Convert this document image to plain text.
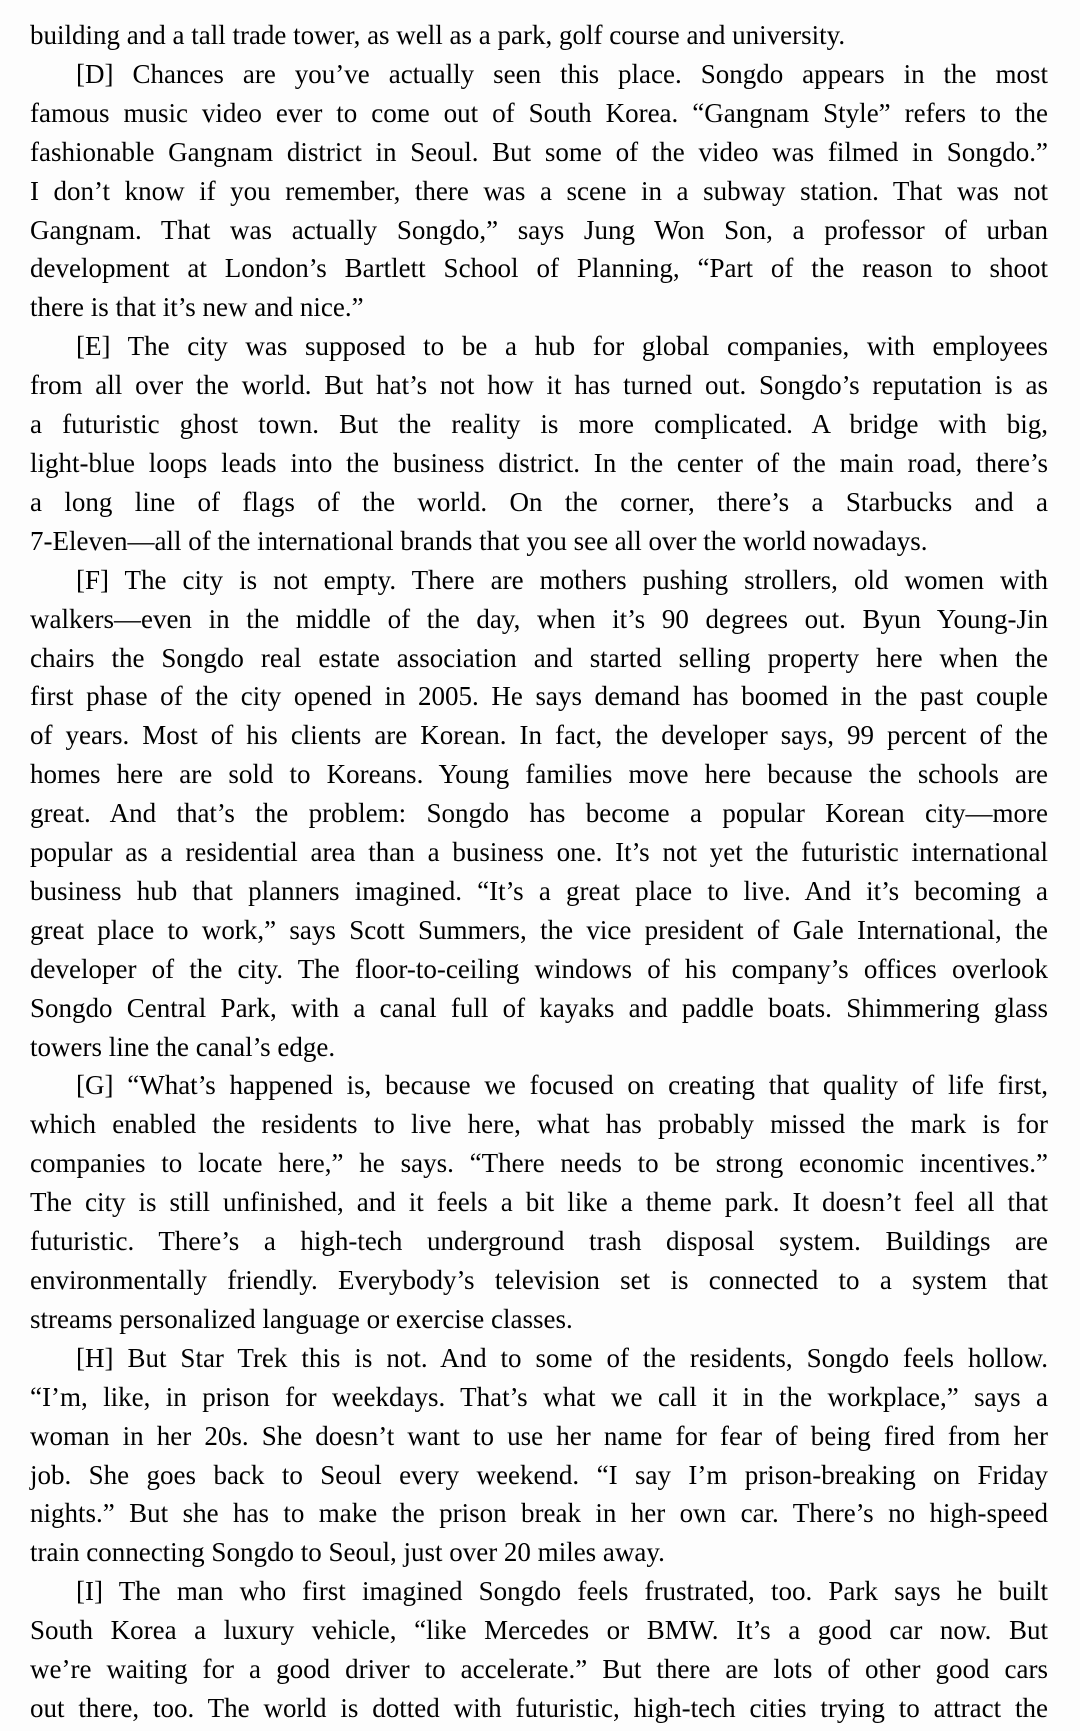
building and a tall trade tower, as well as a park, golf course and university.
[D] Chances are you’ve actually seen this place. Songdo appears in the most
famous music video ever to come out of South Korea. “Gangnam Style” refers to the
fashionable Gangnam district in Seoul. But some of the video was filmed in Songdo.”
I don’t know if you remember, there was a scene in a subway station. That was not
Gangnam. That was actually Songdo,” says Jung Won Son, a professor of urban
development at London’s Bartlett School of Planning, “Part of the reason to shoot
there is that it’s new and nice.”
[E] The city was supposed to be a hub for global companies, with employees
from all over the world. But hat’s not how it has turned out. Songdo’s reputation is as
a futuristic ghost town. But the reality is more complicated. A bridge with big,
light-blue loops leads into the business district. In the center of the main road, there’s
a long line of flags of the world. On the corner, there’s a Starbucks and a
7-Eleven—all of the international brands that you see all over the world nowadays.
[F] The city is not empty. There are mothers pushing strollers, old women with
walkers—even in the middle of the day, when it’s 90 degrees out. Byun Young-Jin
chairs the Songdo real estate association and started selling property here when the
first phase of the city opened in 2005. He says demand has boomed in the past couple
of years. Most of his clients are Korean. In fact, the developer says, 99 percent of the
homes here are sold to Koreans. Young families move here because the schools are
great. And that’s the problem: Songdo has become a popular Korean city—more
popular as a residential area than a business one. It’s not yet the futuristic international
business hub that planners imagined. “It’s a great place to live. And it’s becoming a
great place to work,” says Scott Summers, the vice president of Gale International, the
developer of the city. The floor-to-ceiling windows of his company’s offices overlook
Songdo Central Park, with a canal full of kayaks and paddle boats. Shimmering glass
towers line the canal’s edge.
[G] “What’s happened is, because we focused on creating that quality of life first,
which enabled the residents to live here, what has probably missed the mark is for
companies to locate here,” he says. “There needs to be strong economic incentives.”
The city is still unfinished, and it feels a bit like a theme park. It doesn’t feel all that
futuristic. There’s a high-tech underground trash disposal system. Buildings are
environmentally friendly. Everybody’s television set is connected to a system that
streams personalized language or exercise classes.
[H] But Star Trek this is not. And to some of the residents, Songdo feels hollow.
“I’m, like, in prison for weekdays. That’s what we call it in the workplace,” says a
woman in her 20s. She doesn’t want to use her name for fear of being fired from her
job. She goes back to Seoul every weekend. “I say I’m prison-breaking on Friday
nights.” But she has to make the prison break in her own car. There’s no high-speed
train connecting Songdo to Seoul, just over 20 miles away.
[I] The man who first imagined Songdo feels frustrated, too. Park says he built
South Korea a luxury vehicle, “like Mercedes or BMW. It’s a good car now. But
we’re waiting for a good driver to accelerate.” But there are lots of other good cars
out there, too. The world is dotted with futuristic, high-tech cities trying to attract the
